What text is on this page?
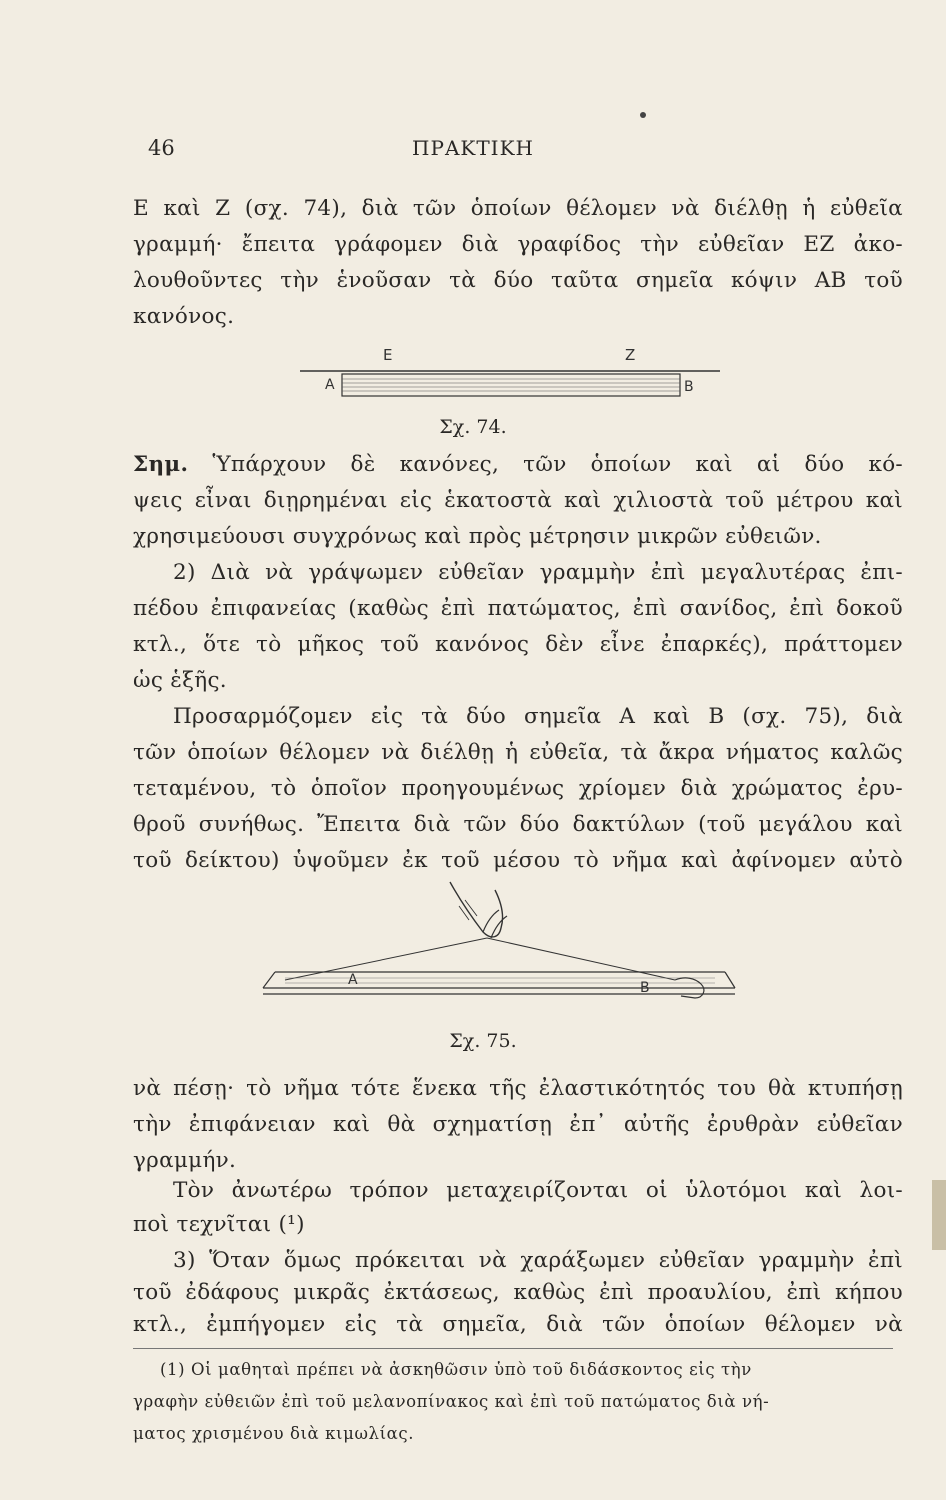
46	ΠΡΑΚΤΙΚΗ
Ε καὶ Ζ (σχ. 74), διὰ τῶν ὁποίων θέλομεν νὰ διέλθῃ ἡ εὐθεῖα
γραμμή· ἔπειτα γράφομεν διὰ γραφίδος τὴν εὐθεῖαν ΕΖ ἀκο-
λουθοῦντες τὴν ἑνοῦσαν τὰ δύο ταῦτα σημεῖα κόψιν ΑΒ τοῦ
κανόνος.
Ε	Ζ
Α	Β
Σχ. 74.
Σημ. Ὑπάρχουν δὲ κανόνες, τῶν ὁποίων καὶ αἱ δύο κό-
ψεις εἶναι διῃρημέναι εἰς ἑκατοστὰ καὶ χιλιοστὰ τοῦ μέτρου καὶ
χρησιμεύουσι συγχρόνως καὶ πρὸς μέτρησιν μικρῶν εὐθειῶν.
2) Διὰ νὰ γράψωμεν εὐθεῖαν γραμμὴν ἐπὶ μεγαλυτέρας ἐπι-
πέδου ἐπιφανείας (καθὼς ἐπὶ πατώματος, ἐπὶ σανίδος, ἐπὶ δοκοῦ
κτλ., ὅτε τὸ μῆκος τοῦ κανόνος δὲν εἶνε ἐπαρκές), πράττομεν
ὡς ἑξῆς.
Προσαρμόζομεν εἰς τὰ δύο σημεῖα Α καὶ Β (σχ. 75), διὰ
τῶν ὁποίων θέλομεν νὰ διέλθῃ ἡ εὐθεῖα, τὰ ἄκρα νήματος καλῶς
τεταμένου, τὸ ὁποῖον προηγουμένως χρίομεν διὰ χρώματος ἐρυ-
θροῦ συνήθως. Ἔπειτα διὰ τῶν δύο δακτύλων (τοῦ μεγάλου καὶ
τοῦ δείκτου) ὑψοῦμεν ἐκ τοῦ μέσου τὸ νῆμα καὶ ἀφίνομεν αὐτὸ
Α	Β
Σχ. 75.
νὰ πέσῃ· τὸ νῆμα τότε ἕνεκα τῆς ἐλαστικότητός του θὰ κτυπήσῃ
τὴν ἐπιφάνειαν καὶ θὰ σχηματίσῃ ἐπ᾽ αὐτῆς ἐρυθρὰν εὐθεῖαν
γραμμήν.
Τὸν ἀνωτέρω τρόπον μεταχειρίζονται οἱ ὑλοτόμοι καὶ λοι-
ποὶ τεχνῖται (¹)
3) Ὅταν ὅμως πρόκειται νὰ χαράξωμεν εὐθεῖαν γραμμὴν ἐπὶ
τοῦ ἐδάφους μικρᾶς ἐκτάσεως, καθὼς ἐπὶ προαυλίου, ἐπὶ κήπου
κτλ., ἐμπήγομεν εἰς τὰ σημεῖα, διὰ τῶν ὁποίων θέλομεν νὰ
(1) Οἱ μαθηταὶ πρέπει νὰ ἀσκηθῶσιν ὑπὸ τοῦ διδάσκοντος εἰς τὴν
γραφὴν εὐθειῶν ἐπὶ τοῦ μελανοπίνακος καὶ ἐπὶ τοῦ πατώματος διὰ νή-
ματος χρισμένου διὰ κιμωλίας.
